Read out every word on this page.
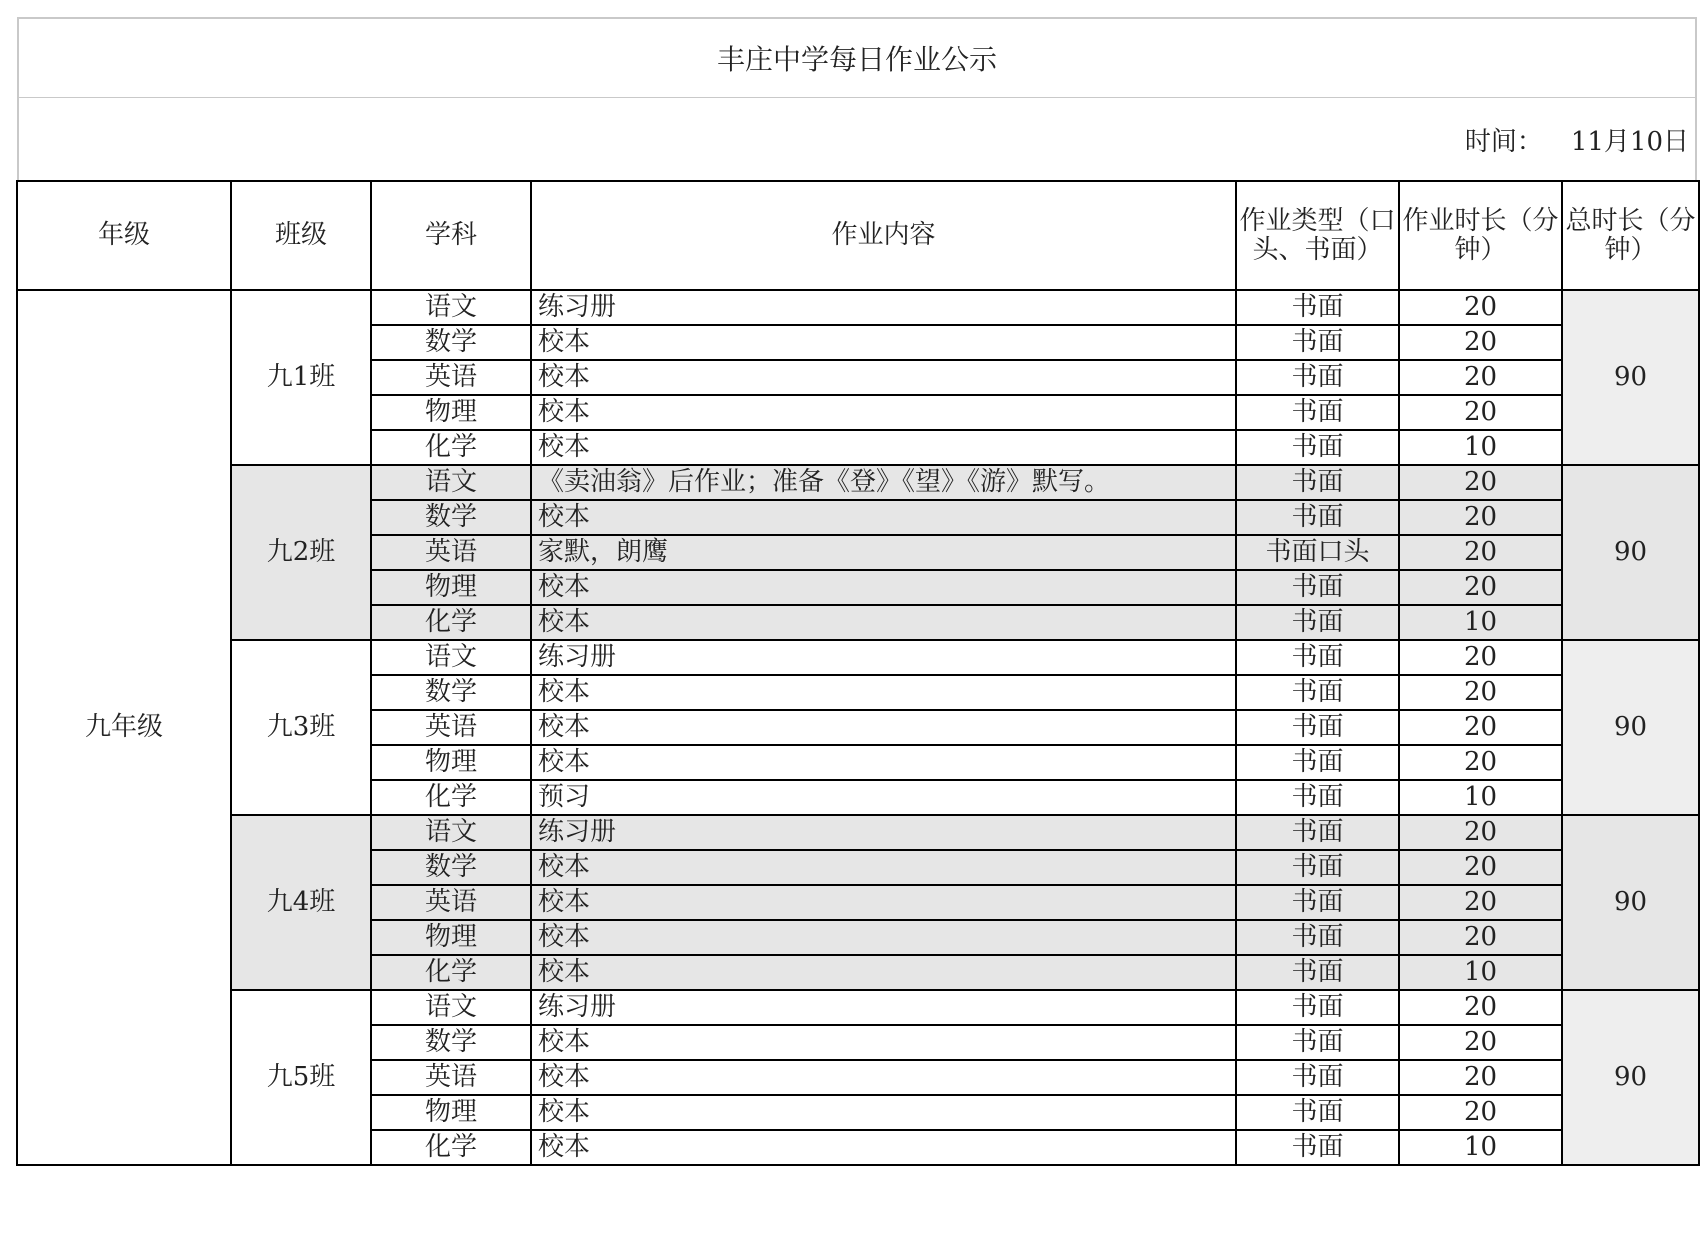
丰庄中学每日作业公示
时间： 11月10日
年级	班级	学科	作业内容	作业类型（口头、书面）	作业时长（分钟）	总时长（分钟）
九年级	九1班	语文	练习册	书面	20	90
		数学	校本	书面	20	
		英语	校本	书面	20	
		物理	校本	书面	20	
		化学	校本	书面	10	
	九2班	语文	《卖油翁》后作业；准备《登》《望》《游》默写。	书面	20	90
		数学	校本	书面	20	
		英语	家默，朗鹰	书面口头	20	
		物理	校本	书面	20	
		化学	校本	书面	10	
	九3班	语文	练习册	书面	20	90
		数学	校本	书面	20	
		英语	校本	书面	20	
		物理	校本	书面	20	
		化学	预习	书面	10	
	九4班	语文	练习册	书面	20	90
		数学	校本	书面	20	
		英语	校本	书面	20	
		物理	校本	书面	20	
		化学	校本	书面	10	
	九5班	语文	练习册	书面	20	90
		数学	校本	书面	20	
		英语	校本	书面	20	
		物理	校本	书面	20	
		化学	校本	书面	10	
